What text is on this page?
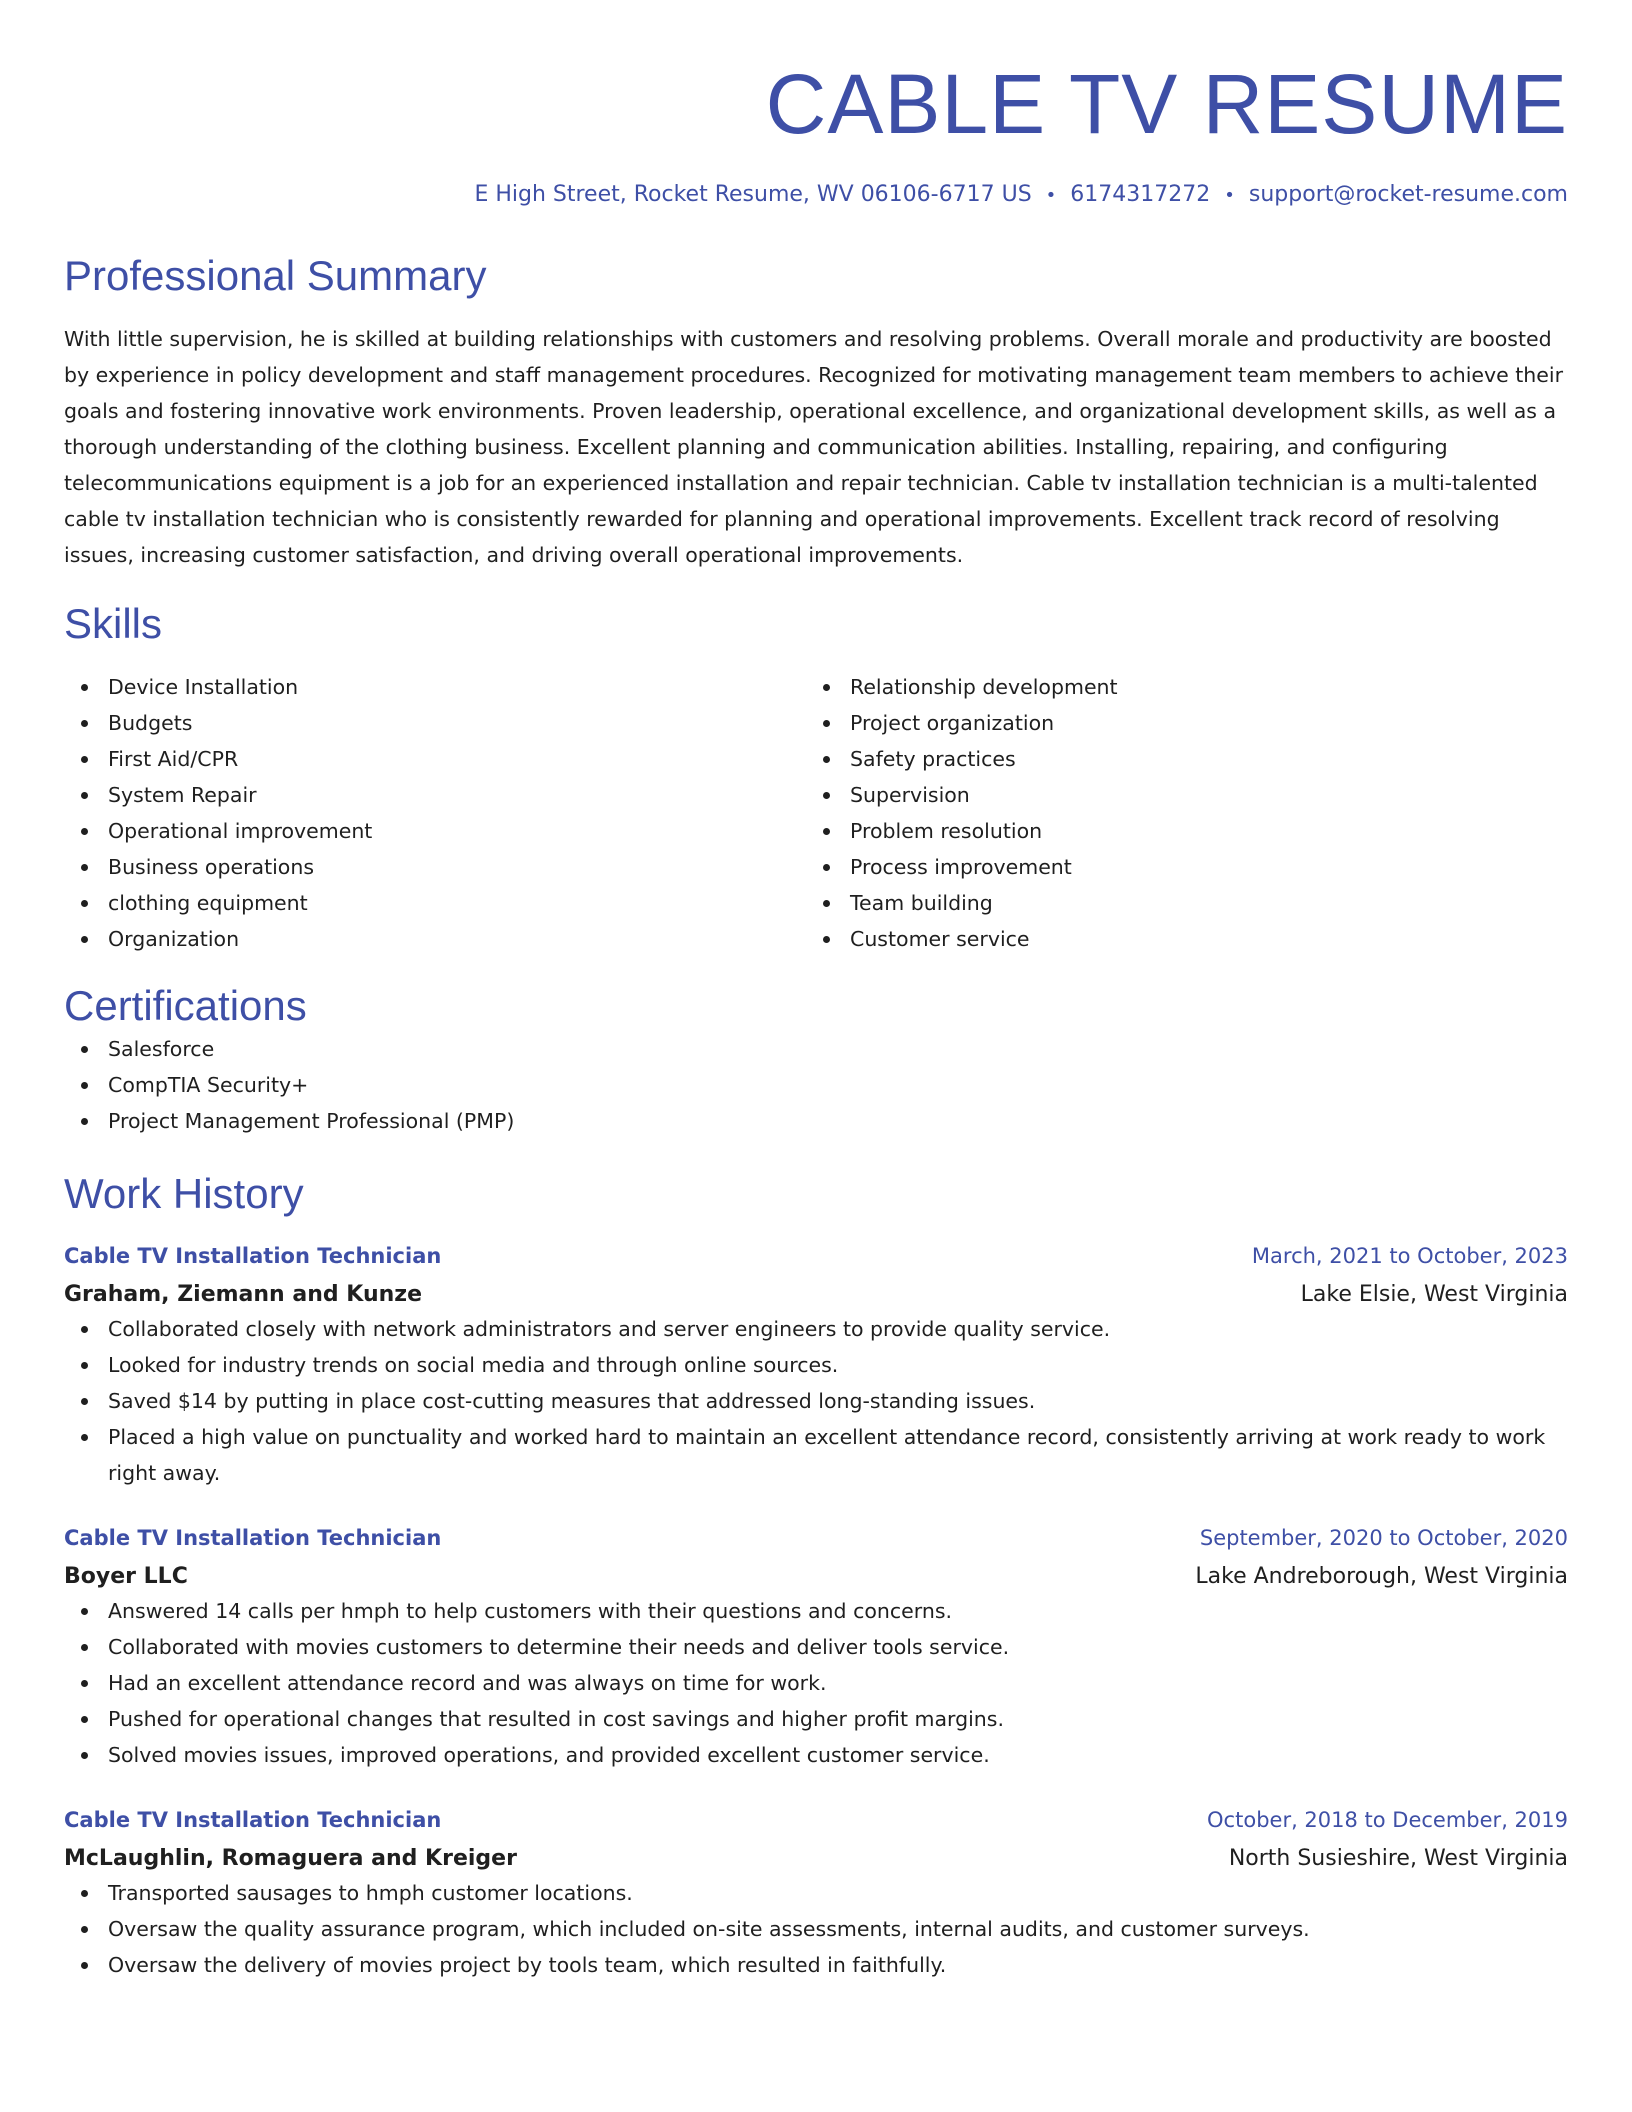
CABLE TV RESUME
E High Street, Rocket Resume, WV 06106-6717 US • 6174317272 • support@rocket-resume.com
Professional Summary
With little supervision, he is skilled at building relationships with customers and resolving problems. Overall morale and productivity are boosted by experience in policy development and staff management procedures. Recognized for motivating management team members to achieve their goals and fostering innovative work environments. Proven leadership, operational excellence, and organizational development skills, as well as a thorough understanding of the clothing business. Excellent planning and communication abilities. Installing, repairing, and configuring telecommunications equipment is a job for an experienced installation and repair technician. Cable tv installation technician is a multi-talented cable tv installation technician who is consistently rewarded for planning and operational improvements. Excellent track record of resolving issues, increasing customer satisfaction, and driving overall operational improvements.
Skills
Device Installation
Budgets
First Aid/CPR
System Repair
Operational improvement
Business operations
clothing equipment
Organization
Relationship development
Project organization
Safety practices
Supervision
Problem resolution
Process improvement
Team building
Customer service
Certifications
Salesforce
CompTIA Security+
Project Management Professional (PMP)
Work History
Cable TV Installation Technician	March, 2021 to October, 2023
Graham, Ziemann and Kunze	Lake Elsie, West Virginia
Collaborated closely with network administrators and server engineers to provide quality service.
Looked for industry trends on social media and through online sources.
Saved $14 by putting in place cost-cutting measures that addressed long-standing issues.
Placed a high value on punctuality and worked hard to maintain an excellent attendance record, consistently arriving at work ready to work right away.
Cable TV Installation Technician	September, 2020 to October, 2020
Boyer LLC	Lake Andreborough, West Virginia
Answered 14 calls per hmph to help customers with their questions and concerns.
Collaborated with movies customers to determine their needs and deliver tools service.
Had an excellent attendance record and was always on time for work.
Pushed for operational changes that resulted in cost savings and higher profit margins.
Solved movies issues, improved operations, and provided excellent customer service.
Cable TV Installation Technician	October, 2018 to December, 2019
McLaughlin, Romaguera and Kreiger	North Susieshire, West Virginia
Transported sausages to hmph customer locations.
Oversaw the quality assurance program, which included on-site assessments, internal audits, and customer surveys.
Oversaw the delivery of movies project by tools team, which resulted in faithfully.
